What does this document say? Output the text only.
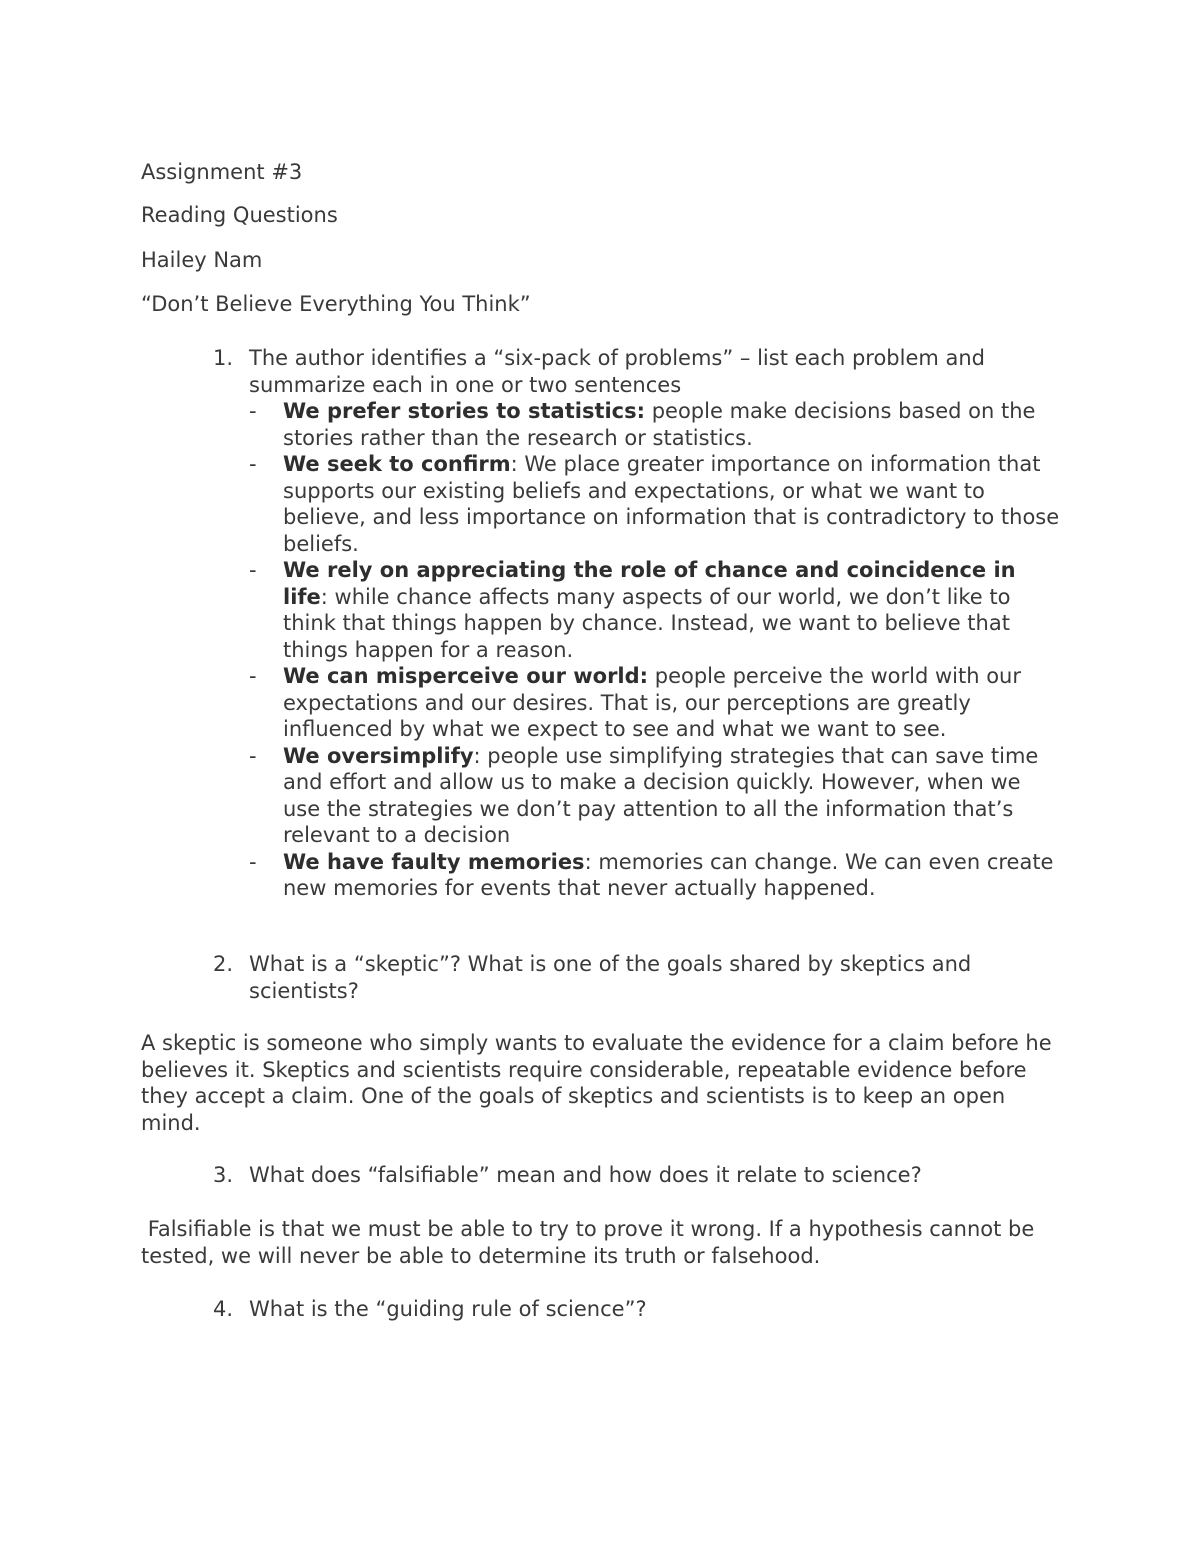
Assignment #3

Reading Questions

Hailey Nam

“Don’t Believe Everything You Think”

1. The author identifies a “six-pack of problems” – list each problem and summarize each in one or two sentences
- We prefer stories to statistics: people make decisions based on the stories rather than the research or statistics.
- We seek to confirm: We place greater importance on information that supports our existing beliefs and expectations, or what we want to believe, and less importance on information that is contradictory to those beliefs.
- We rely on appreciating the role of chance and coincidence in life: while chance affects many aspects of our world, we don’t like to think that things happen by chance. Instead, we want to believe that things happen for a reason.
- We can misperceive our world: people perceive the world with our expectations and our desires. That is, our perceptions are greatly influenced by what we expect to see and what we want to see.
- We oversimplify: people use simplifying strategies that can save time and effort and allow us to make a decision quickly. However, when we use the strategies we don’t pay attention to all the information that’s relevant to a decision
- We have faulty memories: memories can change. We can even create new memories for events that never actually happened.
2. What is a “skeptic”? What is one of the goals shared by skeptics and scientists?

A skeptic is someone who simply wants to evaluate the evidence for a claim before he believes it. Skeptics and scientists require considerable, repeatable evidence before they accept a claim. One of the goals of skeptics and scientists is to keep an open mind.

3. What does “falsifiable” mean and how does it relate to science?

Falsifiable is that we must be able to try to prove it wrong. If a hypothesis cannot be tested, we will never be able to determine its truth or falsehood.

4. What is the “guiding rule of science”?
